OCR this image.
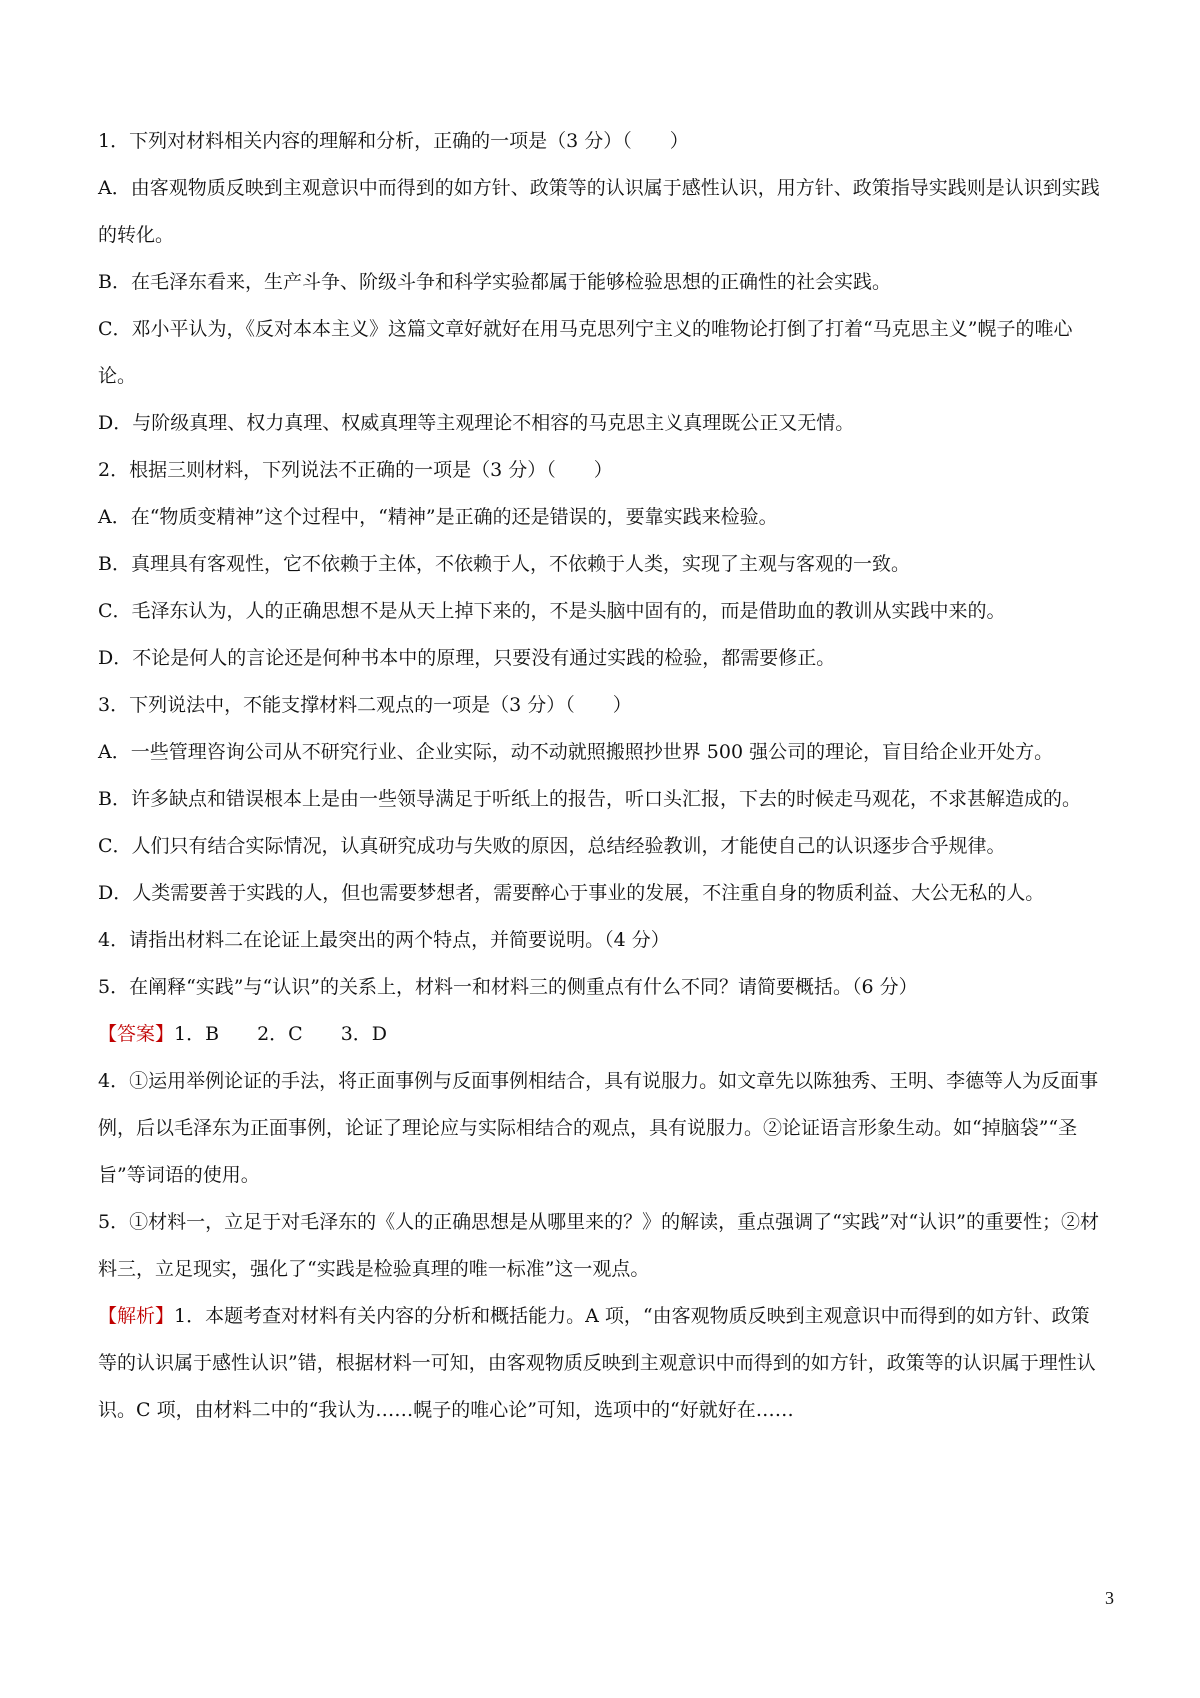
1．下列对材料相关内容的理解和分析，正确的一项是（3 分）（　　）

A．由客观物质反映到主观意识中而得到的如方针、政策等的认识属于感性认识，用方针、政策指导实践则是认识到实践的转化。

B．在毛泽东看来，生产斗争、阶级斗争和科学实验都属于能够检验思想的正确性的社会实践。

C．邓小平认为，《反对本本主义》这篇文章好就好在用马克思列宁主义的唯物论打倒了打着“马克思主义”幌子的唯心论。

D．与阶级真理、权力真理、权威真理等主观理论不相容的马克思主义真理既公正又无情。

2．根据三则材料，下列说法不正确的一项是（3 分）（　　）

A．在“物质变精神”这个过程中，“精神”是正确的还是错误的，要靠实践来检验。

B．真理具有客观性，它不依赖于主体，不依赖于人，不依赖于人类，实现了主观与客观的一致。

C．毛泽东认为，人的正确思想不是从天上掉下来的，不是头脑中固有的，而是借助血的教训从实践中来的。

D．不论是何人的言论还是何种书本中的原理，只要没有通过实践的检验，都需要修正。

3．下列说法中，不能支撑材料二观点的一项是（3 分）（　　）

A．一些管理咨询公司从不研究行业、企业实际，动不动就照搬照抄世界 500 强公司的理论，盲目给企业开处方。

B．许多缺点和错误根本上是由一些领导满足于听纸上的报告，听口头汇报，下去的时候走马观花，不求甚解造成的。

C．人们只有结合实际情况，认真研究成功与失败的原因，总结经验教训，才能使自己的认识逐步合乎规律。

D．人类需要善于实践的人，但也需要梦想者，需要醉心于事业的发展，不注重自身的物质利益、大公无私的人。

4．请指出材料二在论证上最突出的两个特点，并简要说明。（4 分）

5．在阐释“实践”与“认识”的关系上，材料一和材料三的侧重点有什么不同？请简要概括。（6 分）

【答案】1．B　　2．C　　3．D

4．①运用举例论证的手法，将正面事例与反面事例相结合，具有说服力。如文章先以陈独秀、王明、李德等人为反面事例，后以毛泽东为正面事例，论证了理论应与实际相结合的观点，具有说服力。②论证语言形象生动。如“掉脑袋”“圣旨”等词语的使用。

5．①材料一，立足于对毛泽东的《人的正确思想是从哪里来的？》的解读，重点强调了“实践”对“认识”的重要性；②材料三，立足现实，强化了“实践是检验真理的唯一标准”这一观点。

【解析】1．本题考查对材料有关内容的分析和概括能力。A 项，“由客观物质反映到主观意识中而得到的如方针、政策等的认识属于感性认识”错，根据材料一可知，由客观物质反映到主观意识中而得到的如方针，政策等的认识属于理性认识。C 项，由材料二中的“我认为……幌子的唯心论”可知，选项中的“好就好在……

3
